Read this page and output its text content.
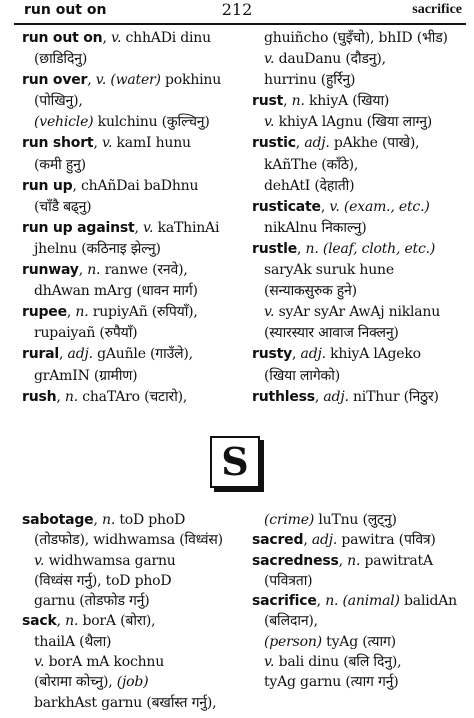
run out on	212	sacrifice
run out on, v. chhADi dinu
(छाडिदिनु)
run over, v. (water) pokhinu
(पोखिनु),
(vehicle) kulchinu (कुल्चिनु)
run short, v. kamI hunu
(कमी हुनु)
run up, chAñDai baDhnu
(चाँडै बढ्नु)
run up against, v. kaThinAi
jhelnu (कठिनाइ झेल्नु)
runway, n. ranwe (रनवे),
dhAwan mArg (धावन मार्ग)
rupee, n. rupiyAñ (रुपियाँ),
rupaiyañ (रुपैयाँ)
rural, adj. gAuñle (गाउँले),
grAmIN (ग्रामीण)
rush, n. chaTAro (चटारो),
ghuiñcho (घुइँचो), bhID (भीड)
v. dauDanu (दौडनु),
hurrinu (हुर्रिनु)
rust, n. khiyA (खिया)
v. khiyA lAgnu (खिया लाग्नु)
rustic, adj. pAkhe (पाखे),
kAñThe (काँठे),
dehAtI (देहाती)
rusticate, v. (exam., etc.)
nikAlnu निकाल्नु)
rustle, n. (leaf, cloth, etc.)
saryAk suruk hune
(सन्याकसुरुक हुने)
v. syAr syAr AwAj niklanu
(स्यारस्यार आवाज निक्लनु)
rusty, adj. khiyA lAgeko
(खिया लागेको)
ruthless, adj. niThur (निठुर)
S
sabotage, n. toD phoD
(तोडफोड), widhwamsa (विध्वंस)
v. widhwamsa garnu
(विध्वंस गर्नु), toD phoD
garnu (तोडफोड गर्नु)
sack, n. borA (बोरा),
thailA (थैला)
v. borA mA kochnu
(बोरामा कोच्नु), (job)
barkhAst garnu (बर्खास्त गर्नु),
(crime) luTnu (लुट्नु)
sacred, adj. pawitra (पवित्र)
sacredness, n. pawitratA
(पवित्रता)
sacrifice, n. (animal) balidAn
(बलिदान),
(person) tyAg (त्याग)
v. bali dinu (बलि दिनु),
tyAg garnu (त्याग गर्नु)
